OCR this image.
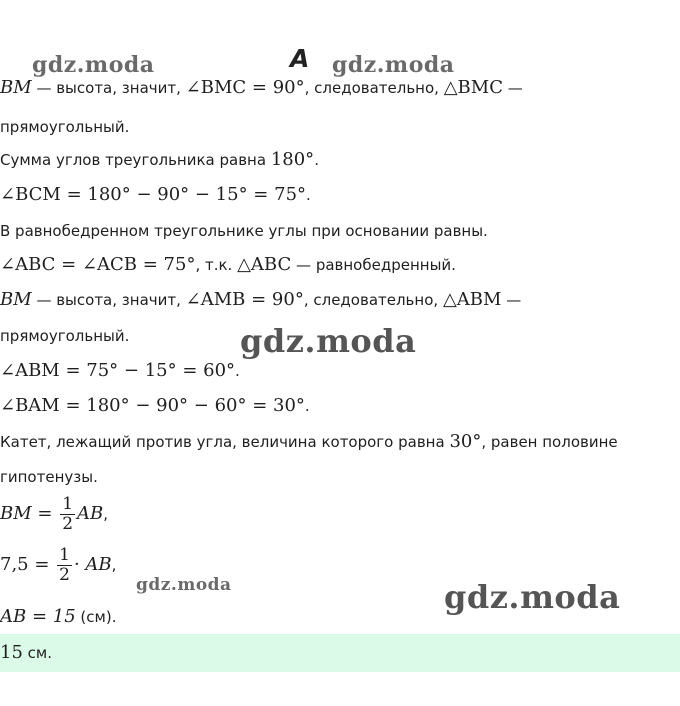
А
BM — высота, значит, ∠BMC = 90°, следовательно, △BMC —
прямоугольный.
Сумма углов треугольника равна 180°.
∠BCM = 180° − 90° − 15° = 75°.
В равнобедренном треугольнике углы при основании равны.
∠ABC = ∠ACB = 75°, т.к. △ABC — равнобедренный.
BM — высота, значит, ∠AMB = 90°, следовательно, △ABM —
прямоугольный.
∠ABM = 75° − 15° = 60°.
∠BAM = 180° − 90° − 60° = 30°.
Катет, лежащий против угла, величина которого равна 30°, равен половине
гипотенузы.
BM = $\frac{1}{2}$ AB,
$7,5 = \frac{1}{2}$ · AB,
AB = 15 (см).
15 см.
gdz.moda	gdz.moda
gdz.moda
gdz.moda	gdz.moda
